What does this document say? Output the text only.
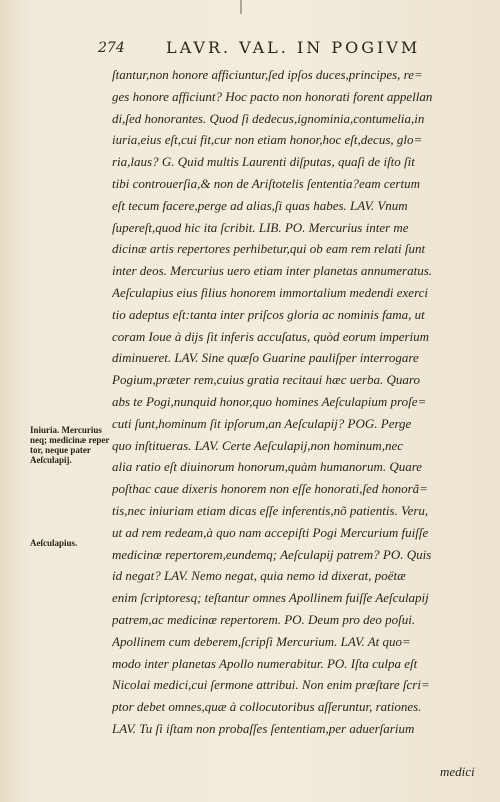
274	LAVR. VAL. IN POGIVM
ſtantur,non honore afficiuntur,ſed ipſos duces,principes, re=
ges honore afficiunt? Hoc pacto non honorati forent appellan
di,ſed honorantes. Quod ſi dedecus,ignominia,contumelia,in
iuria,eius eſt,cui fit,cur non etiam honor,hoc eſt,decus, glo=
ria,laus? G. Quid multis Laurenti diſputas, quaſi de iſto ſit
tibi controuerſia,& non de Ariſtotelis ſententia?eam certum
eſt tecum facere,perge ad alias,ſi quas habes. LAV. Vnum
ſupereſt,quod hic ita ſcribit. LIB. PO. Mercurius inter me
dicinæ artis repertores perhibetur,qui ob eam rem relati ſunt
inter deos. Mercurius uero etiam inter planetas annumeratus.
Aeſculapius eius filius honorem immortalium medendi exerci
tio adeptus eſt:tanta inter priſcos gloria ac nominis fama, ut
coram Ioue à dijs ſit inferis accuſatus, quòd eorum imperium
diminueret. LAV. Sine quæſo Guarine pauliſper interrogare
Pogium,præter rem,cuius gratia recitaui hæc uerba. Quaro
abs te Pogi,nunquid honor,quo homines Aeſculapium proſe=
cuti ſunt,hominum ſit ipſorum,an Aeſculapij? POG. Perge
quo inſtitueras. LAV. Certe Aeſculapij,non hominum,nec
alia ratio eſt diuinorum honorum,quàm humanorum. Quare
poſthac caue dixeris honorem non eſſe honorati,ſed honorã=
tis,nec iniuriam etiam dicas eſſe inferentis,nõ patientis. Veru,
ut ad rem redeam,à quo nam accepiſti Pogi Mercurium fuiſſe
medicinæ repertorem,eundemq; Aeſculapij patrem? PO. Quis
id negat? LAV. Nemo negat, quia nemo id dixerat, poëtæ
enim ſcriptoresq; teſtantur omnes Apollinem fuiſſe Aeſculapij
patrem,ac medicinæ repertorem. PO. Deum pro deo poſui.
Apollinem cum deberem,ſcripſi Mercurium. LAV. At quo=
modo inter planetas Apollo numerabitur. PO. Iſta culpa eſt
Nicolai medici,cui ſermone attribui. Non enim præſtare ſcri=
ptor debet omnes,quæ à collocutoribus aſſeruntur, rationes.
LAV. Tu ſi iſtam non probaſſes ſententiam,per aduerſarium
Iniuria. Mercurius neq; medicinæ reper tor, neque pater Aeſculapij.
Aeſculapius.
medici
